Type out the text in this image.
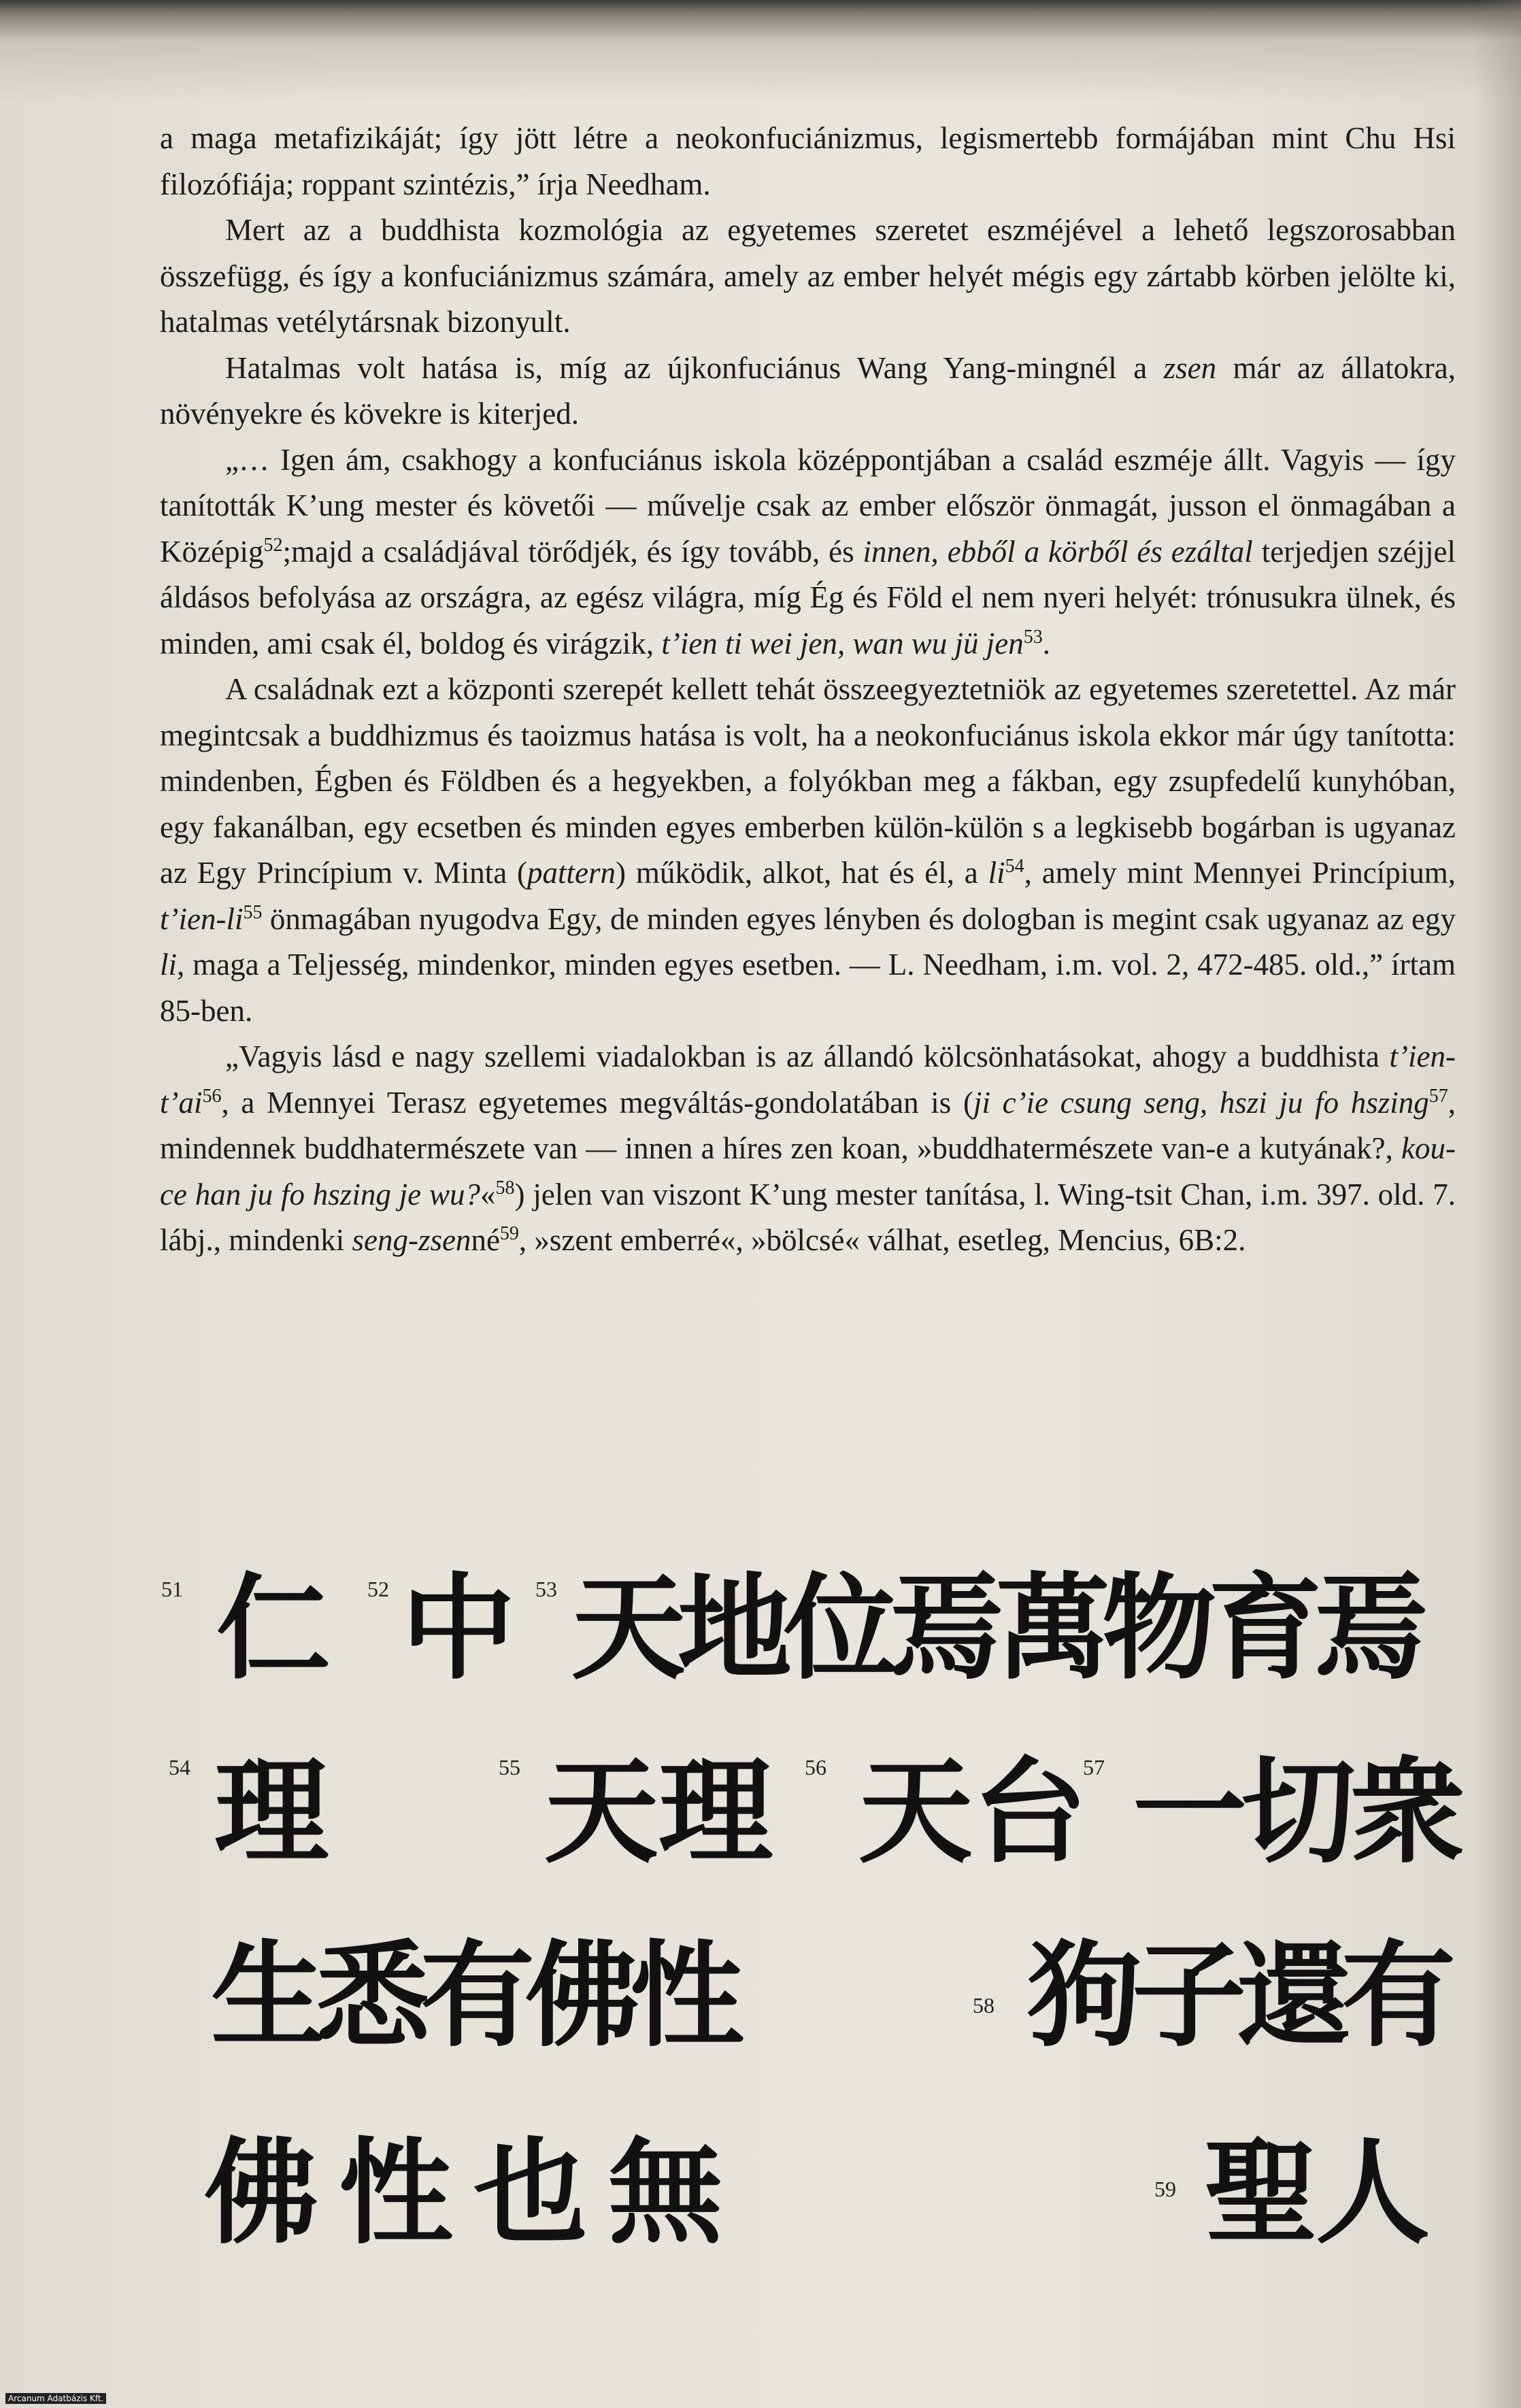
a maga metafizikáját; így jött létre a neokonfuciánizmus, legismertebb formájában mint Chu Hsi filozófiája; roppant szintézis,” írja Needham.

Mert az a buddhista kozmológia az egyetemes szeretet eszméjével a lehető legszorosabban összefügg, és így a konfuciánizmus számára, amely az ember helyét mégis egy zártabb körben jelölte ki, hatalmas vetélytársnak bizonyult.

Hatalmas volt hatása is, míg az újkonfuciánus Wang Yang-mingnél a zsen már az állatokra, növényekre és kövekre is kiterjed.

„… Igen ám, csakhogy a konfuciánus iskola középpontjában a család eszméje állt. Vagyis — így tanították K’ung mester és követői — művelje csak az ember először önmagát, jusson el önmagában a Középig$^{52}$;majd a családjával törődjék, és így tovább, és innen, ebből a körből és ezáltal terjedjen széjjel áldásos befolyása az országra, az egész világra, míg Ég és Föld el nem nyeri helyét: trónusukra ülnek, és minden, ami csak él, boldog és virágzik, t’ien ti wei jen, wan wu jü jen$^{53}$.

A családnak ezt a központi szerepét kellett tehát összeegyeztetniök az egyetemes szeretettel. Az már megintcsak a buddhizmus és taoizmus hatása is volt, ha a neokonfuciánus iskola ekkor már úgy tanította: mindenben, Égben és Földben és a hegyekben, a folyókban meg a fákban, egy zsupfedelű kunyhóban, egy fakanálban, egy ecsetben és minden egyes emberben külön-külön s a legkisebb bogárban is ugyanaz az Egy Princípium v. Minta (pattern) működik, alkot, hat és él, a $li^{54}$, amely mint Mennyei Princípium, $t’ien-li^{55}$ önmagában nyugodva Egy, de minden egyes lényben és dologban is megint csak ugyanaz az egy li, maga a Teljesség, mindenkor, minden egyes esetben. — L. Needham, i.m. vol. 2, 472-485. old.,” írtam 85-ben.

„Vagyis lásd e nagy szellemi viadalokban is az állandó kölcsönhatásokat, ahogy a buddhista $t’ien-t’ai^{56}$, a Mennyei Terasz egyetemes megváltás-gondolatában is (ji c’ie csung seng, hszi ju fo hszing$^{57}$, mindennek buddhatermészete van — innen a híres zen koan, »buddhatermészete van-e a kutyának?, kou-ce han ju fo hszing je wu?«$^{58}$) jelen van viszont K’ung mester tanítása, l. Wing-tsit Chan, i.m. 397. old. 7. lábj., mindenki seng-zsenné$^{59}$, »szent emberré«, »bölcsé« válhat, esetleg, Mencius, 6B:2.

51 仁 52 中 53 天地位焉萬物育焉
54 理	55 天理 56 天台
57 一切衆
生悉有佛性	58 狗子還有
佛性也無	59 聖人
Arcanum Adatbázis Kft.
